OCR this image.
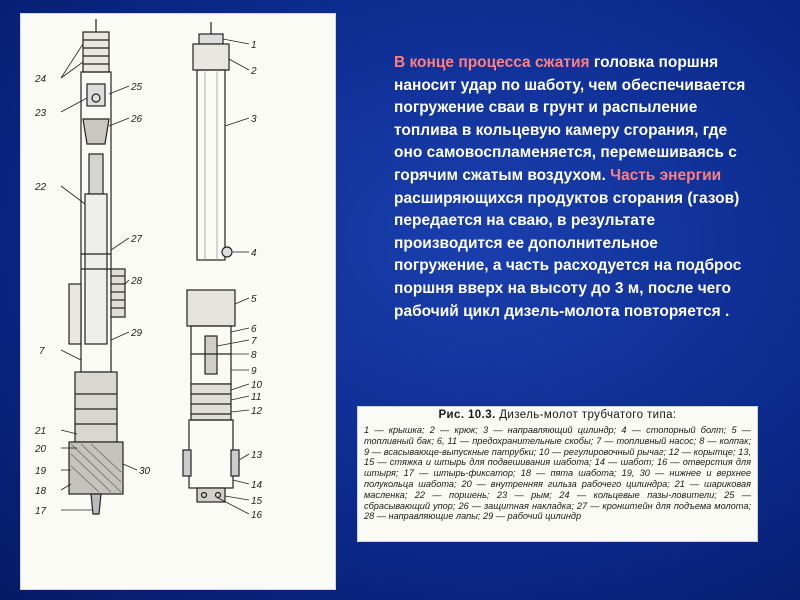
24
25
23
26
22
27
28
29
7
21
20
19
18
17
30
1
2
3
4
5
6
7
8
9
10
11
12
13
14
15
16
В конце процесса сжатия головка поршня наносит удар по шаботу, чем обеспечивается погружение сваи в грунт и распыление топлива в кольцевую камеру сгорания, где оно самовоспламеняется, перемешиваясь с горячим сжатым воздухом. Часть энергии расширяющихся продуктов сгорания (газов) передается на сваю, в результате производится ее дополнительное погружение, а часть расходуется на подброс поршня вверх на высоту до 3 м, после чего рабочий цикл дизель-молота повторяется .
Рис. 10.3. Дизель-молот трубчатого типа:
1 — крышка; 2 — крюк; 3 — направляющий цилиндр; 4 — стопорный болт; 5 — топливный бак; 6, 11 — предохранительные скобы; 7 — топливный насос; 8 — колпак; 9 — всасывающе-выпускные патрубки; 10 — регулировочный рычаг; 12 — корытце; 13, 15 — стяжка и штырь для подвешивания шабота; 14 — шабот; 16 — отверстия для штыря; 17 — штырь-фиксатор; 18 — пята шабота; 19, 30 — нижнее и верхнее полукольца шабота; 20 — внутренняя гильза рабочего цилиндра; 21 — шариковая масленка; 22 — поршень; 23 — рым; 24 — кольцевые пазы-ловители; 25 — сбрасывающий упор; 26 — защитная накладка; 27 — кронштейн для подъема молота; 28 — направляющие лапы; 29 — рабочий цилиндр
